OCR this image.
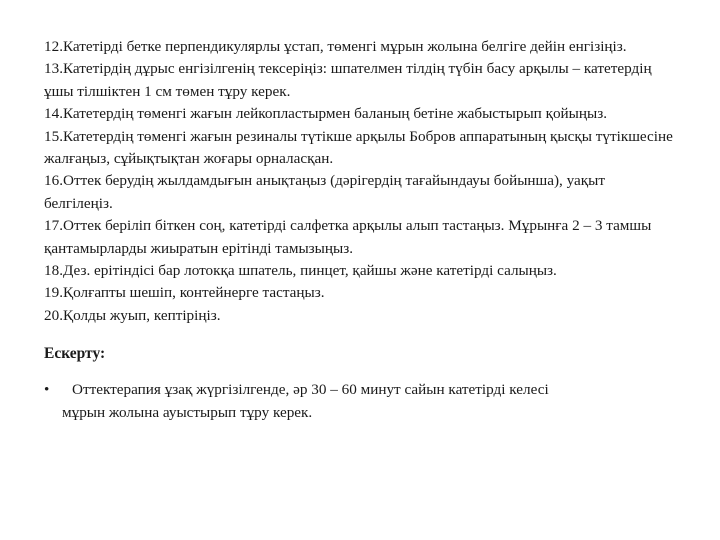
12.Катетірді бетке перпендикулярлы ұстап, төменгі мұрын жолына белгіге дейін енгізіңіз.
13.Катетірдің дұрыс енгізілгенің тексеріңіз: шпателмен тілдің түбін басу арқылы – катетердің ұшы тілшіктен 1 см төмен тұру керек.
14.Катетердің төменгі жағын лейкопластырмен баланың бетіне жабыстырып қойыңыз.
15.Катетердің төменгі жағын резиналы түтікше арқылы Бобров аппаратының қысқы түтікшесіне жалғаңыз, сұйықтықтан жоғары орналасқан.
16.Оттек берудің жылдамдығын анықтаңыз (дәрігердің тағайындауы бойынша), уақыт белгілеңіз.
17.Оттек беріліп біткен соң, катетірді салфетка арқылы алып тастаңыз. Мұрынға 2 – 3 тамшы қантамырларды жиыратын ерітінді тамызыңыз.
18.Дез. ерітіндісі бар лотокқа шпатель, пинцет, қайшы және катетірді салыңыз.
19.Қолғапты шешіп, контейнерге тастаңыз.
20.Қолды жуып, кептіріңіз.
Ескерту:
• Оттектерапия ұзақ жүргізілгенде, әр 30 – 60 минут сайын катетірді келесі
мұрын жолына ауыстырып тұру керек.
